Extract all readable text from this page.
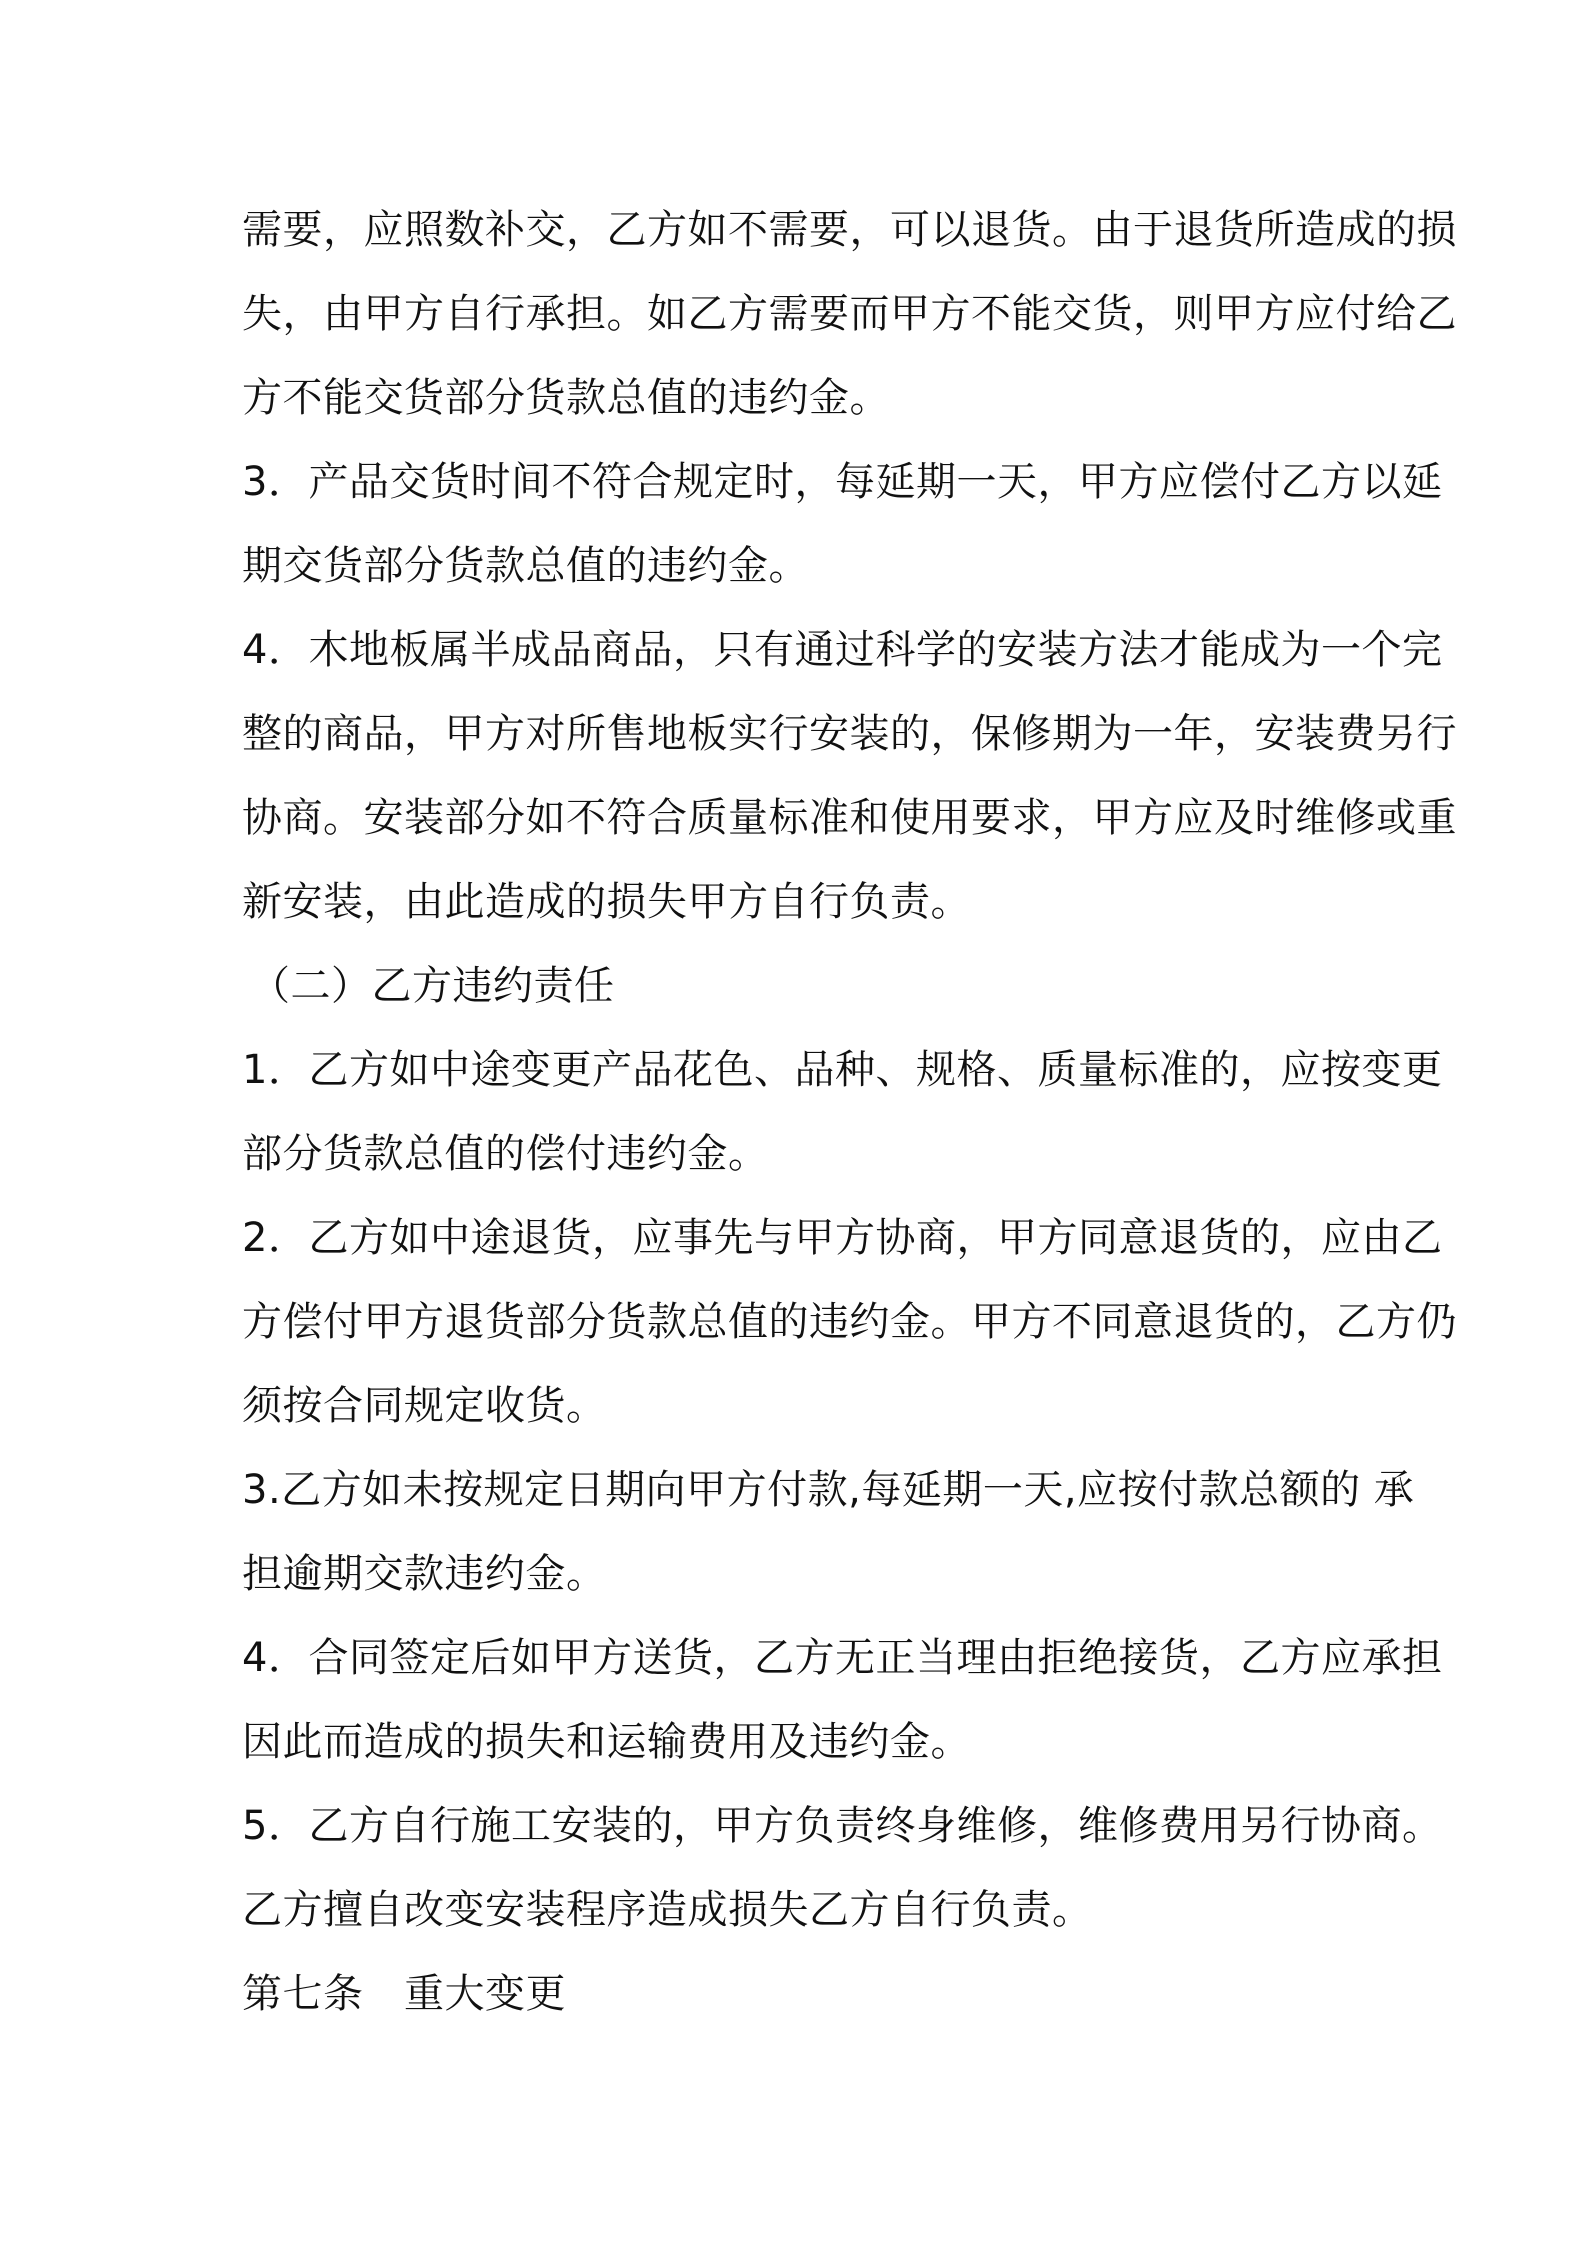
需要，应照数补交，乙方如不需要，可以退货。由于退货所造成的损

失，由甲方自行承担。如乙方需要而甲方不能交货，则甲方应付给乙

方不能交货部分货款总值的违约金。

3．产品交货时间不符合规定时，每延期一天，甲方应偿付乙方以延

期交货部分货款总值的违约金。

4．木地板属半成品商品，只有通过科学的安装方法才能成为一个完

整的商品，甲方对所售地板实行安装的，保修期为一年，安装费另行

协商。安装部分如不符合质量标准和使用要求，甲方应及时维修或重

新安装，由此造成的损失甲方自行负责。

（二）乙方违约责任

1．乙方如中途变更产品花色、品种、规格、质量标准的，应按变更

部分货款总值的偿付违约金。

2．乙方如中途退货，应事先与甲方协商，甲方同意退货的，应由乙

方偿付甲方退货部分货款总值的违约金。甲方不同意退货的，乙方仍

须按合同规定收货。

3.乙方如未按规定日期向甲方付款,每延期一天,应按付款总额的 承

担逾期交款违约金。

4．合同签定后如甲方送货，乙方无正当理由拒绝接货，乙方应承担

因此而造成的损失和运输费用及违约金。

5．乙方自行施工安装的，甲方负责终身维修，维修费用另行协商。

乙方擅自改变安装程序造成损失乙方自行负责。

第七条　重大变更
